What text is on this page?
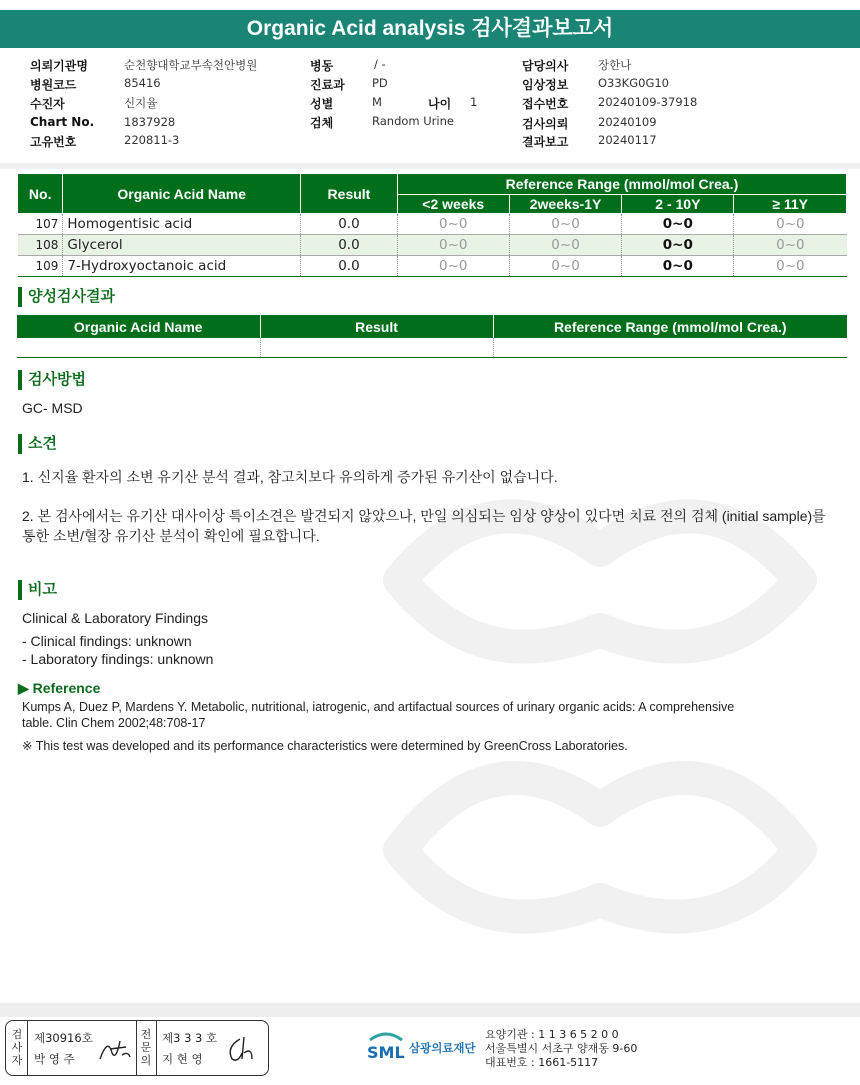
Organic Acid analysis 검사결과보고서
의뢰기관명	순천향대학교부속천안병원
병원코드	85416
수진자	신지율
Chart No.	1837928
고유번호	220811-3
병동	/ -
진료과 PD
성별	M	나이 1
검체	Random Urine
담당의사	장한나
임상정보	O33KG0G10
접수번호	20240109-37918
검사의뢰	20240109
결과보고	20240117
No.	Organic Acid Name	Result	Reference Range (mmol/mol Crea.)			
			<2 weeks	2weeks-1Y	2 - 10Y	≥ 11Y
107	Homogentisic acid	0.0	0~0	0~0	0~0	0~0
108	Glycerol	0.0	0~0	0~0	0~0	0~0
109	7-Hydroxyoctanoic acid	0.0	0~0	0~0	0~0	0~0
양성검사결과
Organic Acid Name	Result	Reference Range (mmol/mol Crea.)

검사방법
GC- MSD
소견
1. 신지율 환자의 소변 유기산 분석 결과, 참고치보다 유의하게 증가된 유기산이 없습니다.
2. 본 검사에서는 유기산 대사이상 특이소견은 발견되지 않았으나, 만일 의심되는 임상 양상이 있다면 치료 전의 검체 (initial sample)를
통한 소변/혈장 유기산 분석이 확인에 필요합니다.
비고
Clinical & Laboratory Findings
- Clinical findings: unknown
- Laboratory findings: unknown
▶ Reference
Kumps A, Duez P, Mardens Y. Metabolic, nutritional, iatrogenic, and artifactual sources of urinary organic acids: A comprehensive
table. Clin Chem 2002;48:708-17
※ This test was developed and its performance characteristics were determined by GreenCross Laboratories.
검사자
제30916호
박 영 주
전문의
제3 3 3 호
지 현 영	SML 삼광의료재단
요양기관 : 1 1 3 6 5 2 0 0
서울특별시 서초구 양재동 9-60
대표번호 : 1661-5117
